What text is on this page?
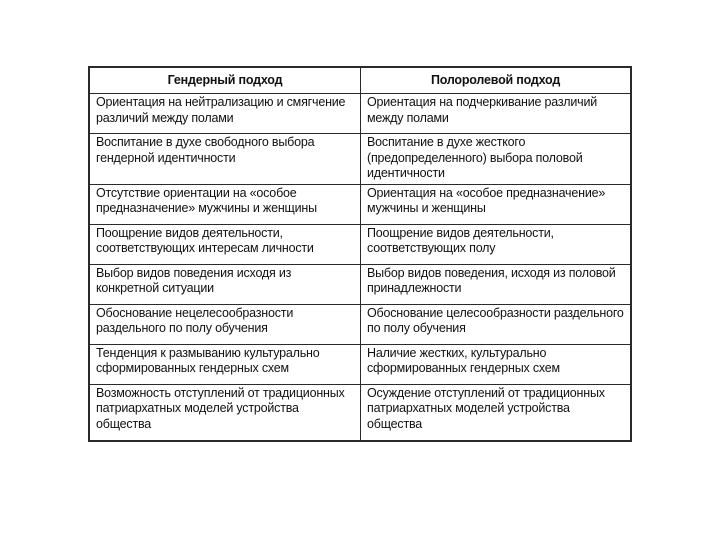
Гендерный подход	Полоролевой подход
Ориентация на нейтрализацию и смягчение различий между полами	Ориентация на подчеркивание различий между полами
Воспитание в духе свободного выбора гендерной идентичности	Воспитание в духе жесткого (предопределенного) выбора половой идентичности
Отсутствие ориентации на «особое предназначение» мужчины и женщины	Ориентация на «особое предназначение» мужчины и женщины
Поощрение видов деятельности, соответствующих интересам личности	Поощрение видов деятельности, соответствующих полу
Выбор видов поведения исходя из конкретной ситуации	Выбор видов поведения, исходя из половой принадлежности
Обоснование нецелесообразности раздельного по полу обучения	Обоснование целесообразности раздельного по полу обучения
Тенденция к размыванию культурально сформированных гендерных схем	Наличие жестких, культурально сформированных гендерных схем
Возможность отступлений от традиционных патриархатных моделей устройства общества	Осуждение отступлений от традиционных патриархатных моделей устройства общества
